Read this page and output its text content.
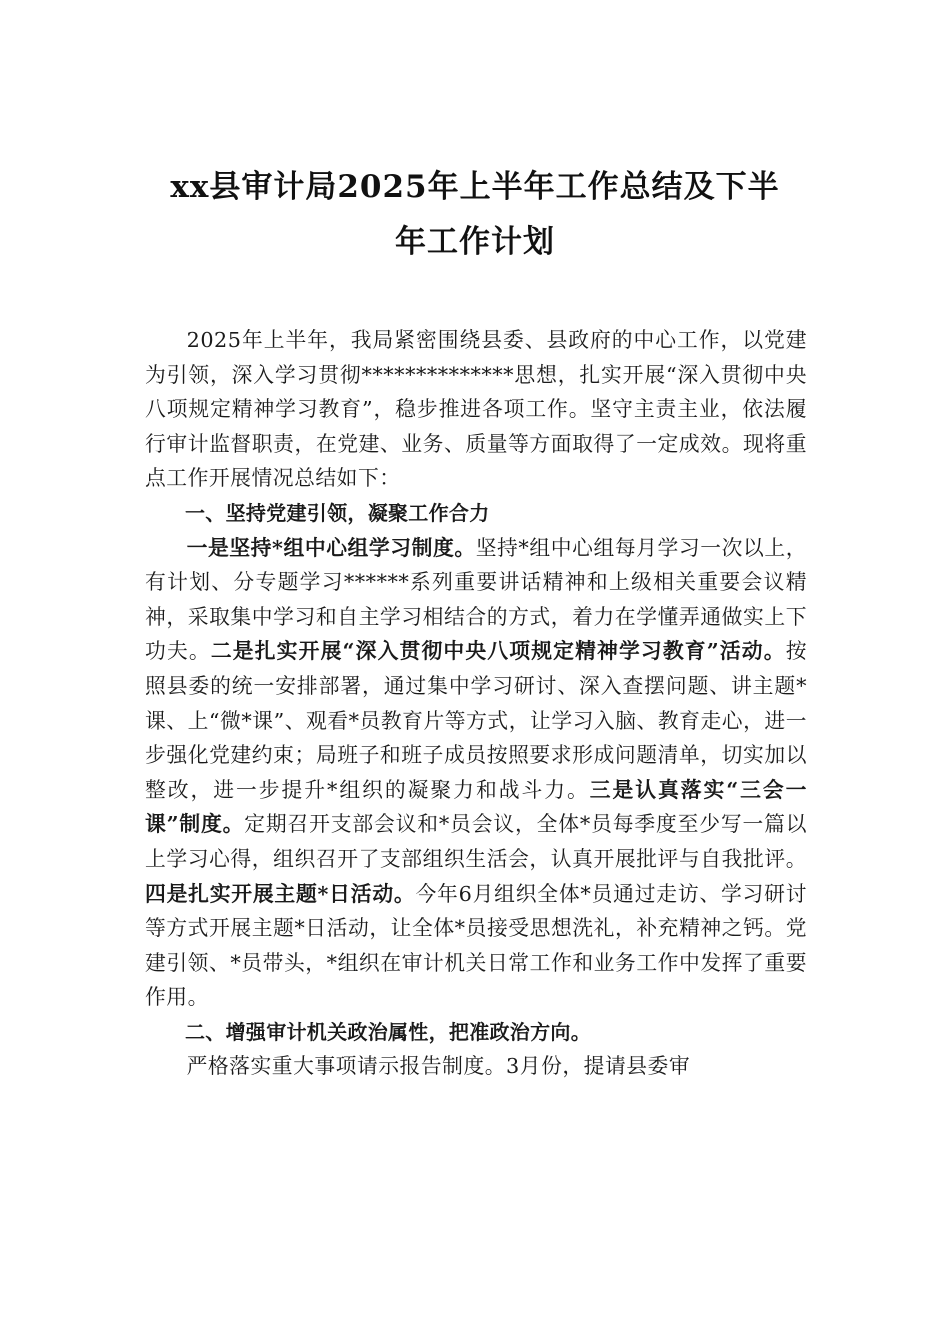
xx县审计局2025年上半年工作总结及下半
年工作计划

2025年上半年，我局紧密围绕县委、县政府的中心工作，以党建为引领，深入学习贯彻**************思想，扎实开展“深入贯彻中央八项规定精神学习教育”，稳步推进各项工作。坚守主责主业，依法履行审计监督职责，在党建、业务、质量等方面取得了一定成效。现将重点工作开展情况总结如下：

一、坚持党建引领，凝聚工作合力

一是坚持*组中心组学习制度。坚持*组中心组每月学习一次以上，有计划、分专题学习******系列重要讲话精神和上级相关重要会议精神，采取集中学习和自主学习相结合的方式，着力在学懂弄通做实上下功夫。二是扎实开展“深入贯彻中央八项规定精神学习教育”活动。按照县委的统一安排部署，通过集中学习研讨、深入查摆问题、讲主题*课、上“微*课”、观看*员教育片等方式，让学习入脑、教育走心，进一步强化党建约束；局班子和班子成员按照要求形成问题清单，切实加以整改，进一步提升*组织的凝聚力和战斗力。三是认真落实“三会一课”制度。定期召开支部会议和*员会议，全体*员每季度至少写一篇以上学习心得，组织召开了支部组织生活会，认真开展批评与自我批评。四是扎实开展主题*日活动。今年6月组织全体*员通过走访、学习研讨等方式开展主题*日活动，让全体*员接受思想洗礼，补充精神之钙。党建引领、*员带头，*组织在审计机关日常工作和业务工作中发挥了重要作用。

二、增强审计机关政治属性，把准政治方向。

严格落实重大事项请示报告制度。3月份，提请县委审
